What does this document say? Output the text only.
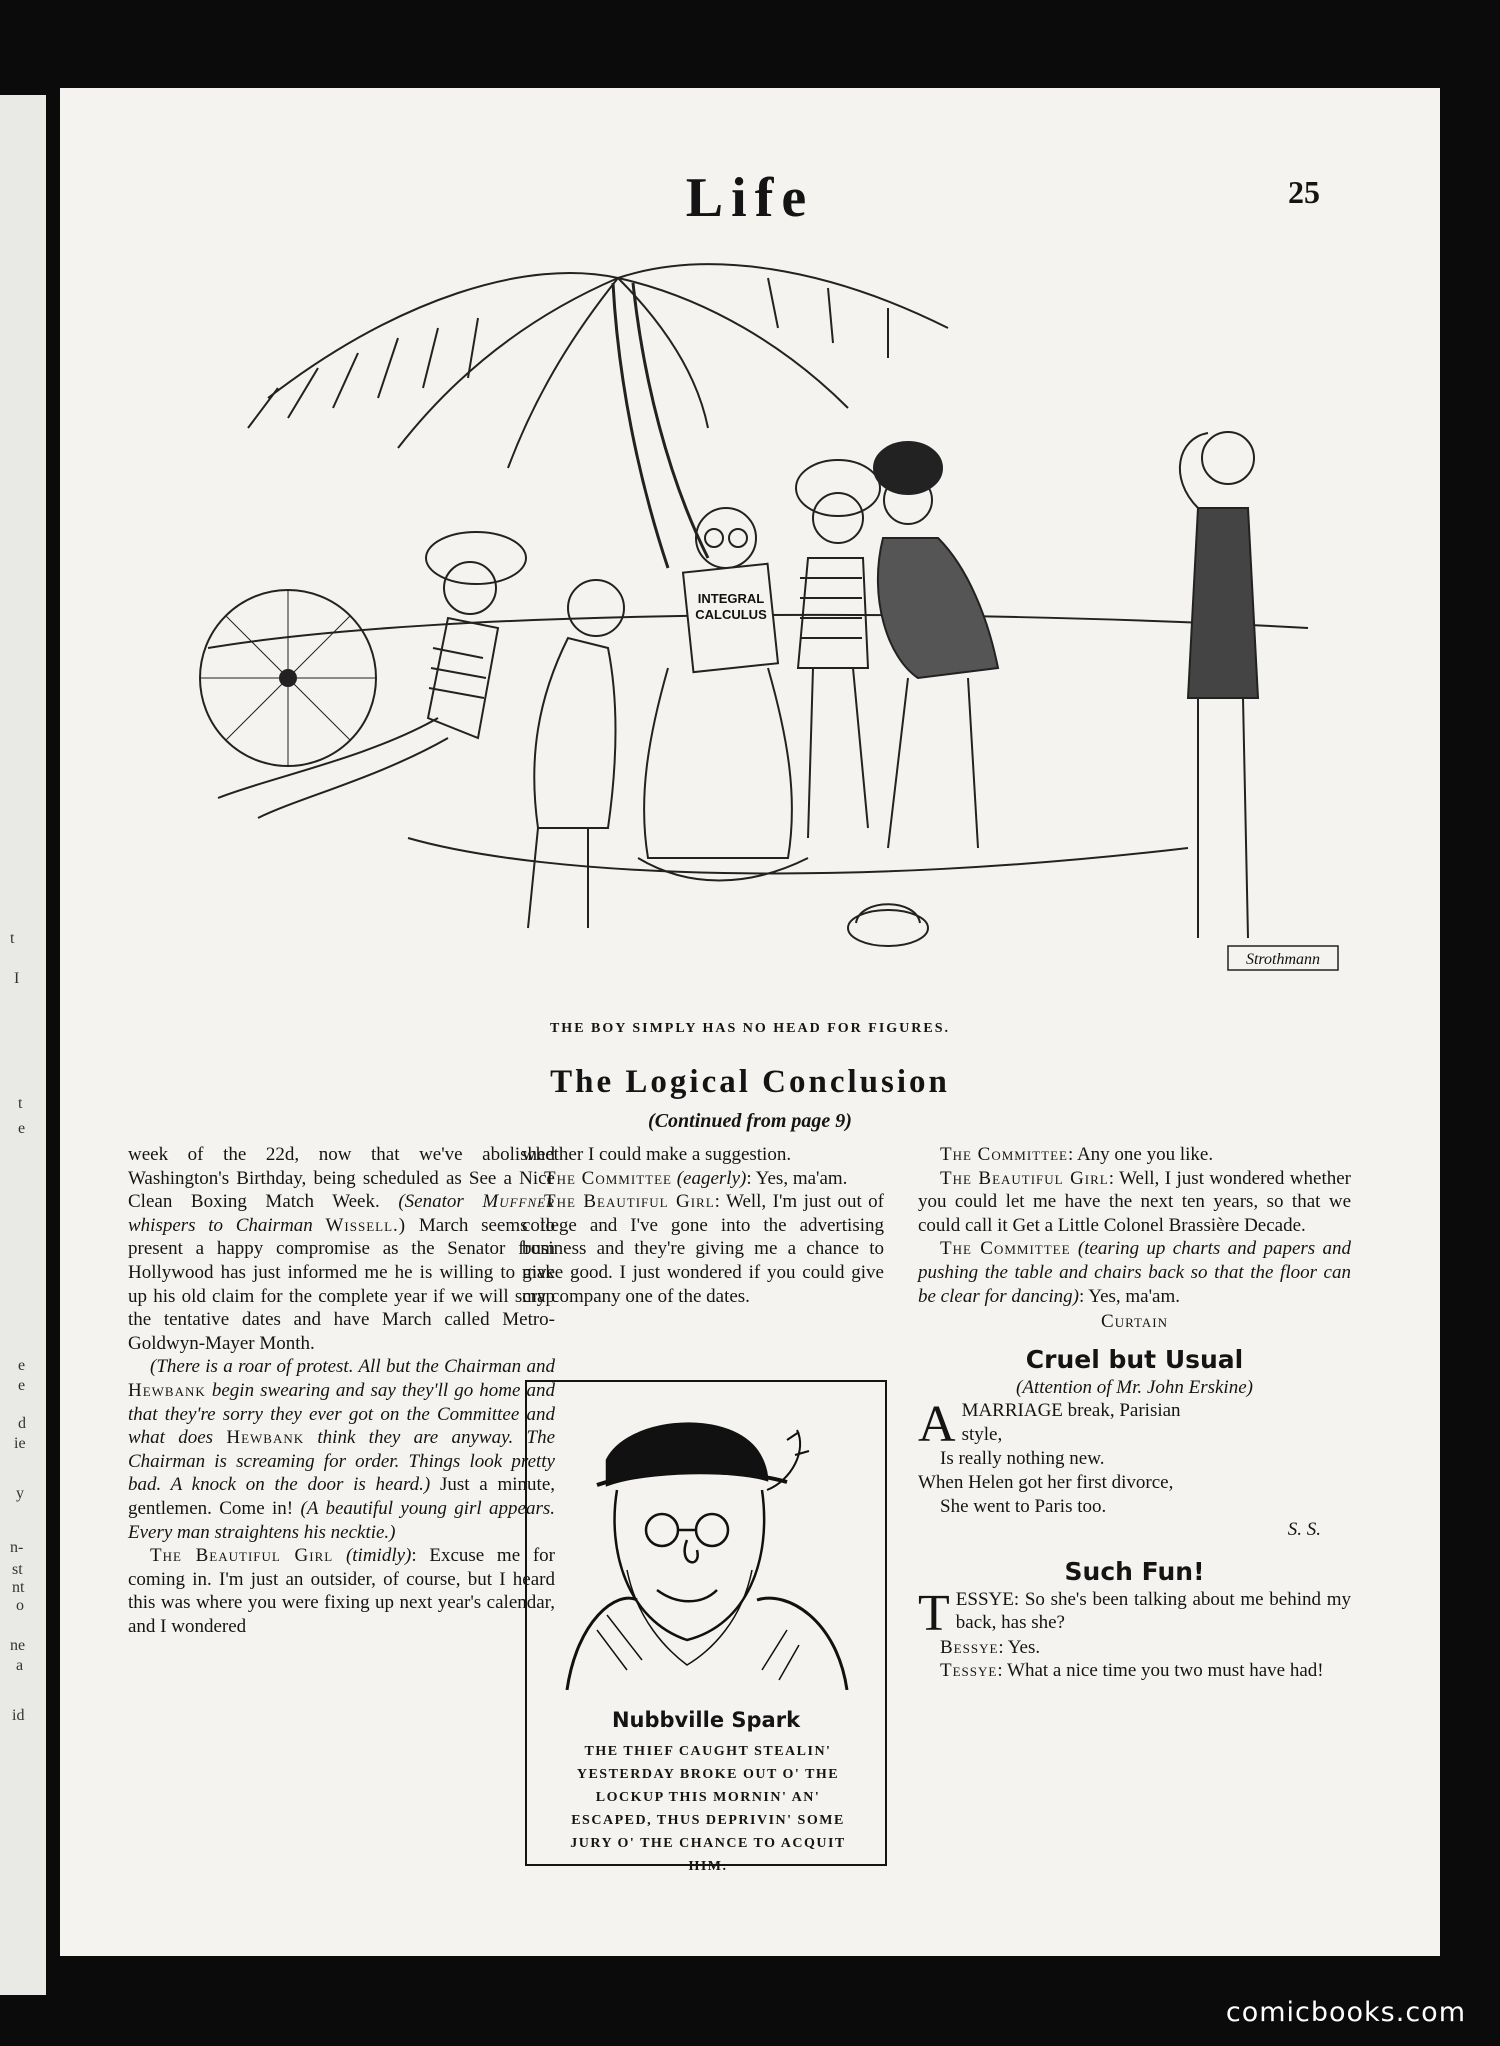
t
I
t
e
e
e
d
ie
y
n-
st
nt
o
ne
a
id
Life	25
INTEGRAL
CALCULUS
Strothmann
THE BOY SIMPLY HAS NO HEAD FOR FIGURES.
The Logical Conclusion
(Continued from page 9)

week of the 22d, now that we've abolished Washington's Birthday, being scheduled as See a Nice Clean Boxing Match Week. (Senator Muffner whispers to Chairman Wissell.) March seems to present a happy compromise as the Senator from Hollywood has just informed me he is willing to give up his old claim for the complete year if we will scrap the tentative dates and have March called Metro-Goldwyn-Mayer Month.

(There is a roar of protest. All but the Chairman and Hewbank begin swearing and say they'll go home and that they're sorry they ever got on the Committee and what does Hewbank think they are anyway. The Chairman is screaming for order. Things look pretty bad. A knock on the door is heard.) Just a minute, gentlemen. Come in! (A beautiful young girl appears. Every man straightens his necktie.)

The Beautiful Girl (timidly): Excuse me for coming in. I'm just an outsider, of course, but I heard this was where you were fixing up next year's calendar, and I wondered

whether I could make a suggestion.

The Committee (eagerly): Yes, ma'am.

The Beautiful Girl: Well, I'm just out of college and I've gone into the advertising business and they're giving me a chance to make good. I just wondered if you could give my company one of the dates.

Nubbville Spark
THE THIEF CAUGHT STEALIN' YESTERDAY BROKE OUT O' THE LOCKUP THIS MORNIN' AN' ESCAPED, THUS DEPRIVIN' SOME JURY O' THE CHANCE TO ACQUIT HIM.

The Committee: Any one you like.

The Beautiful Girl: Well, I just wondered whether you could let me have the next ten years, so that we could call it Get a Little Colonel Brassière Decade.

The Committee (tearing up charts and papers and pushing the table and chairs back so that the floor can be clear for dancing): Yes, ma'am.

Curtain
Cruel but Usual
(Attention of Mr. John Erskine)
A MARRIAGE break, Parisian

style,

Is really nothing new.

When Helen got her first divorce,

She went to Paris too.

S. S.
Such Fun!

TESSYE: So she's been talking about me behind my back, has she?

Bessye: Yes.

Tessye: What a nice time you two must have had!

comicbooks.com
